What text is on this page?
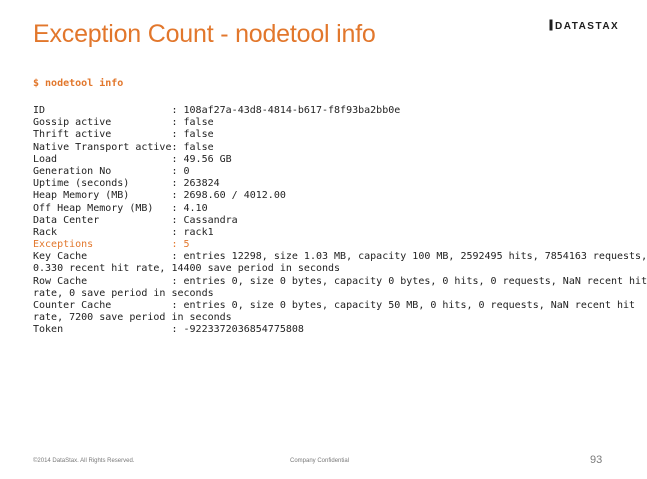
Exception Count - nodetool info	DATASTAX
$ nodetool info
ID                     : 108af27a-43d8-4814-b617-f8f93ba2bb0e
Gossip active          : false
Thrift active          : false
Native Transport active: false
Load                   : 49.56 GB
Generation No          : 0
Uptime (seconds)       : 263824
Heap Memory (MB)       : 2698.60 / 4012.00
Off Heap Memory (MB)   : 4.10
Data Center            : Cassandra
Rack                   : rack1
Exceptions             : 5
Key Cache              : entries 12298, size 1.03 MB, capacity 100 MB, 2592495 hits, 7854163 requests,
0.330 recent hit rate, 14400 save period in seconds
Row Cache              : entries 0, size 0 bytes, capacity 0 bytes, 0 hits, 0 requests, NaN recent hit
rate, 0 save period in seconds
Counter Cache          : entries 0, size 0 bytes, capacity 50 MB, 0 hits, 0 requests, NaN recent hit
rate, 7200 save period in seconds
Token                  : -9223372036854775808
©2014 DataStax. All Rights Reserved.	Company Confidential	93
